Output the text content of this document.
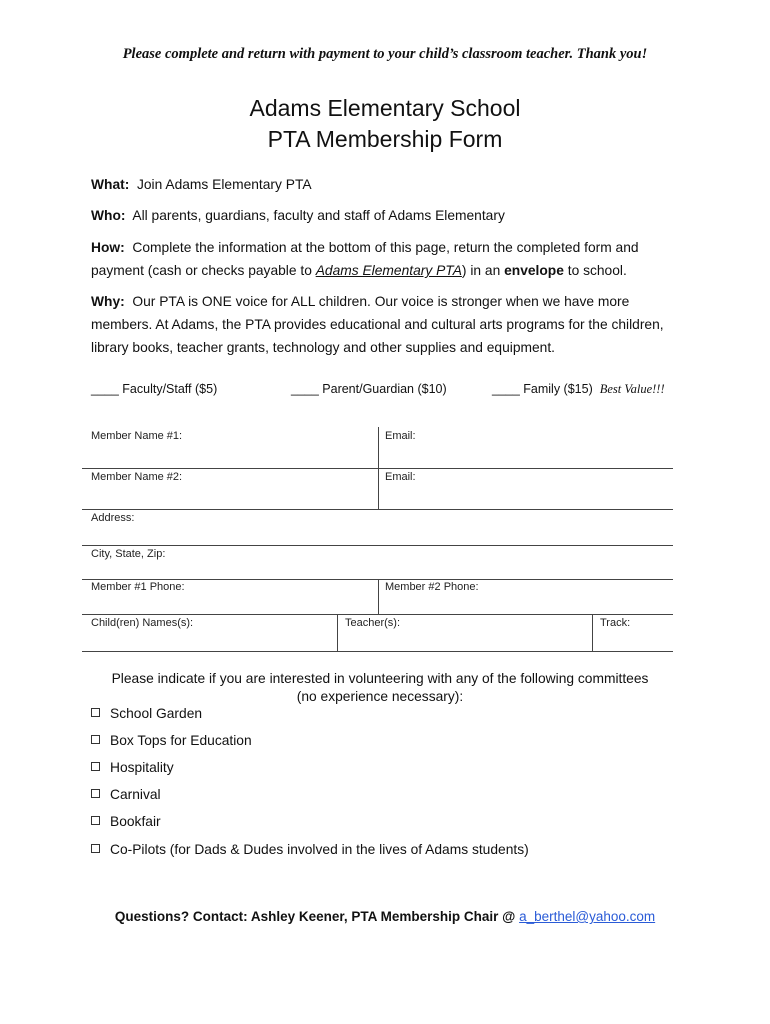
Please complete and return with payment to your child’s classroom teacher. Thank you!
Adams Elementary School
PTA Membership Form
What: Join Adams Elementary PTA
Who: All parents, guardians, faculty and staff of Adams Elementary
How: Complete the information at the bottom of this page, return the completed form and payment (cash or checks payable to Adams Elementary PTA) in an envelope to school.
Why: Our PTA is ONE voice for ALL children. Our voice is stronger when we have more members. At Adams, the PTA provides educational and cultural arts programs for the children, library books, teacher grants, technology and other supplies and equipment.
____ Faculty/Staff ($5)	____ Parent/Guardian ($10)	____ Family ($15) Best Value!!!
Member Name #1:	Email:
Member Name #2:	Email:
Address:
City, State, Zip:
Member #1 Phone:	Member #2 Phone:
Child(ren) Names(s):	Teacher(s):	Track:
Please indicate if you are interested in volunteering with any of the following committees
(no experience necessary):
School Garden
Box Tops for Education
Hospitality
Carnival
Bookfair
Co-Pilots (for Dads & Dudes involved in the lives of Adams students)
Questions? Contact: Ashley Keener, PTA Membership Chair @ a_berthel@yahoo.com
